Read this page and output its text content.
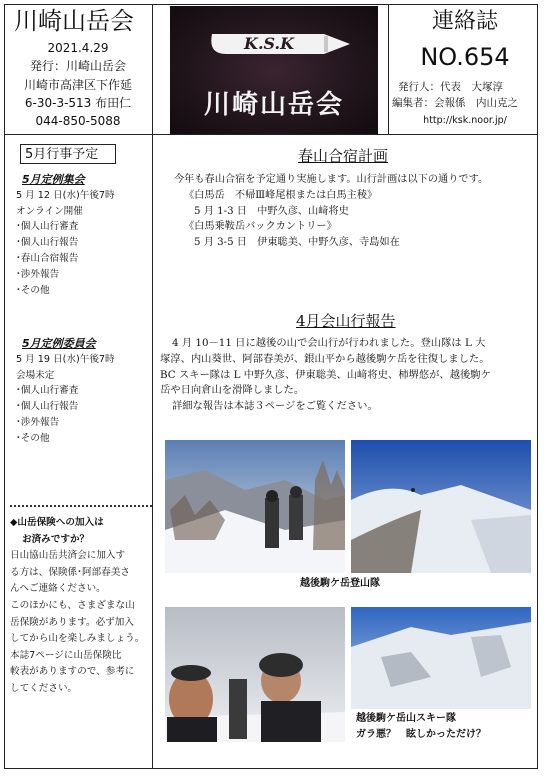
川崎山岳会
2021.4.29
発行：川崎山岳会
川崎市高津区下作延
6-30-3-513 布田仁
044-850-5088
K.S.K
川崎山岳会
連絡誌
NO.654
発行人：代表　大塚淳
編集者：会報係　内山克之
http://ksk.noor.jp/
5月行事予定
5月定例集会
5 月 12 日(水)午後7時
オンライン開催
･個人山行審査
･個人山行報告
･春山合宿報告
･渉外報告
･その他
5月定例委員会
5 月 19 日(水)午後7時
会場未定
･個人山行審査
･個人山行報告
･渉外報告
･その他
◆山岳保険への加入は
お済みですか？
日山協山岳共済会に加入す
る方は、保険係･阿部春美さ
んへご連絡ください。
このほかにも、さまざまな山
岳保険があります。必ず加入
してから山を楽しみましょう。
本誌7ページに山岳保険比
較表がありますので、参考に
してください。
春山合宿計画
今年も春山合宿を予定通り実施します。山行計画は以下の通りです。
《白馬岳　不帰Ⅲ峰尾根または白馬主稜》
5 月 1-3 日　中野久彦、山﨑将史
《白馬乗鞍岳バックカントリー》
5 月 3-5 日　伊東聡美、中野久彦、寺島如在
4月会山行報告
4 月 10－11 日に越後の山で会山行が行われました。登山隊は L 大
塚淳、内山葵世、阿部春美が、銀山平から越後駒ケ岳を往復しました。
BC スキー隊は L 中野久彦、伊東聡美、山﨑将史、柿堺悠が、越後駒ケ
岳や日向倉山を滑降しました。
詳細な報告は本誌３ページをご覧ください。
越後駒ケ岳登山隊
越後駒ケ岳山スキー隊
ガラ悪？　眩しかっただけ？
